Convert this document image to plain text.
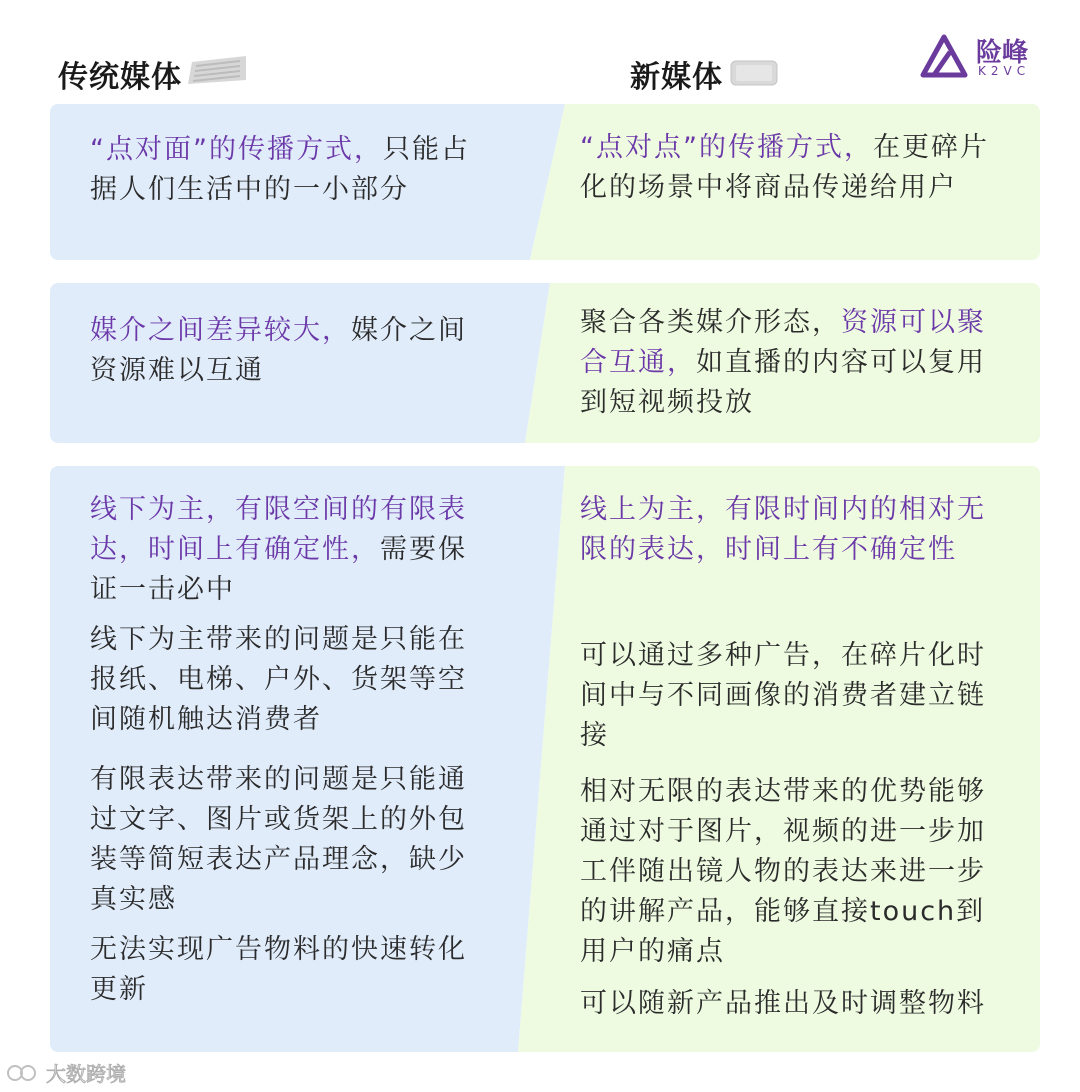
传统媒体	新媒体
险峰
K2VC
“点对面”的传播方式，只能占据人们生活中的一小部分
“点对点”的传播方式，在更碎片化的场景中将商品传递给用户
媒介之间差异较大，媒介之间资源难以互通
聚合各类媒介形态，资源可以聚合互通，如直播的内容可以复用到短视频投放
线下为主，有限空间的有限表达，时间上有确定性，需要保证一击必中
线下为主带来的问题是只能在报纸、电梯、户外、货架等空间随机触达消费者
有限表达带来的问题是只能通过文字、图片或货架上的外包装等简短表达产品理念，缺少真实感
无法实现广告物料的快速转化更新
线上为主，有限时间内的相对无限的表达，时间上有不确定性
可以通过多种广告，在碎片化时间中与不同画像的消费者建立链接
相对无限的表达带来的优势能够通过对于图片，视频的进一步加工伴随出镜人物的表达来进一步的讲解产品，能够直接touch到用户的痛点
可以随新产品推出及时调整物料
大数跨境
